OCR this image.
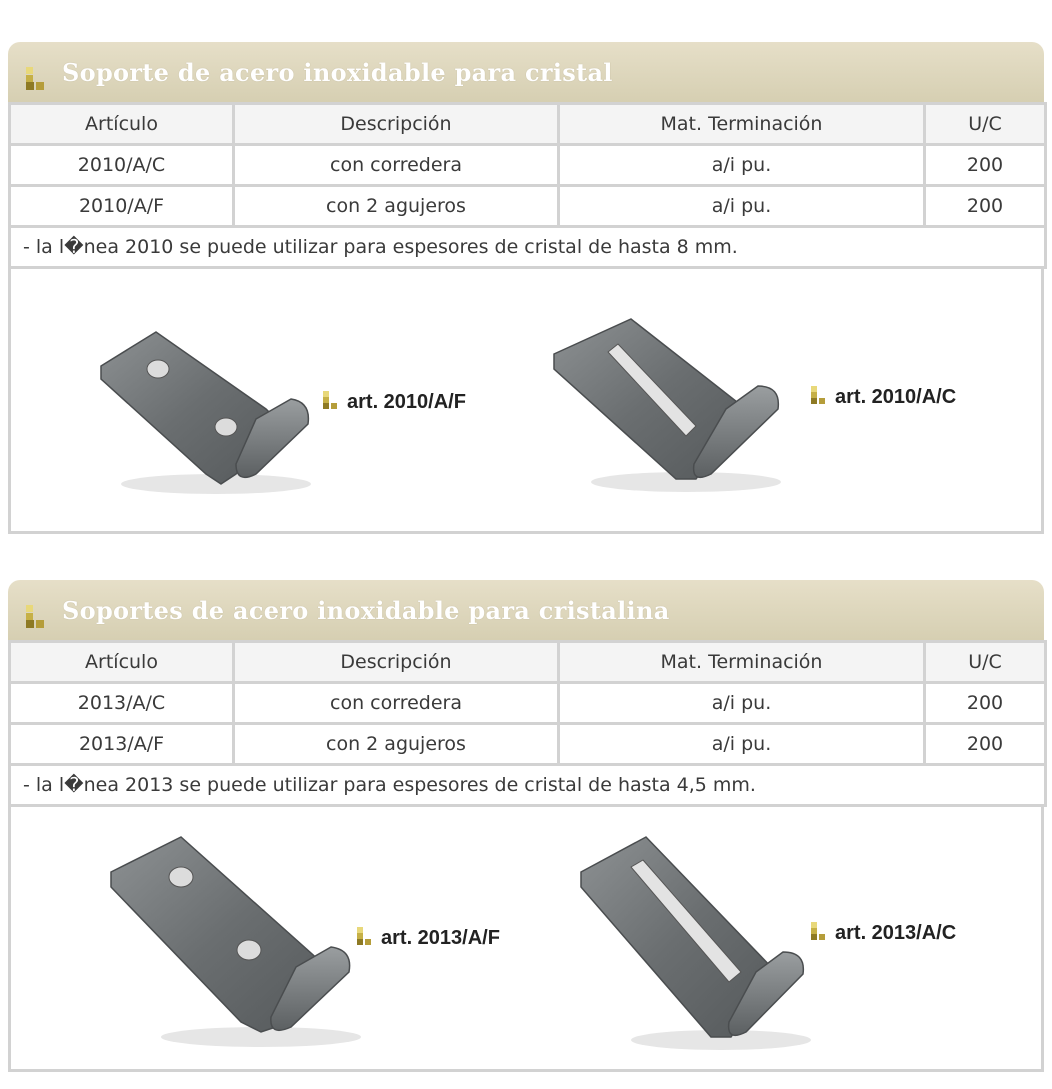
Soporte de acero inoxidable para cristal
Artículo	Descripción	Mat. Terminación	U/C
2010/A/C	con corredera	a/i pu.	200
2010/A/F	con 2 agujeros	a/i pu.	200
- la l�nea 2010 se puede utilizar para espesores de cristal de hasta 8 mm.			
art. 2010/A/F	art. 2010/A/C
Soportes de acero inoxidable para cristalina
Artículo	Descripción	Mat. Terminación	U/C
2013/A/C	con corredera	a/i pu.	200
2013/A/F	con 2 agujeros	a/i pu.	200
- la l�nea 2013 se puede utilizar para espesores de cristal de hasta 4,5 mm.			
art. 2013/A/F	art. 2013/A/C
